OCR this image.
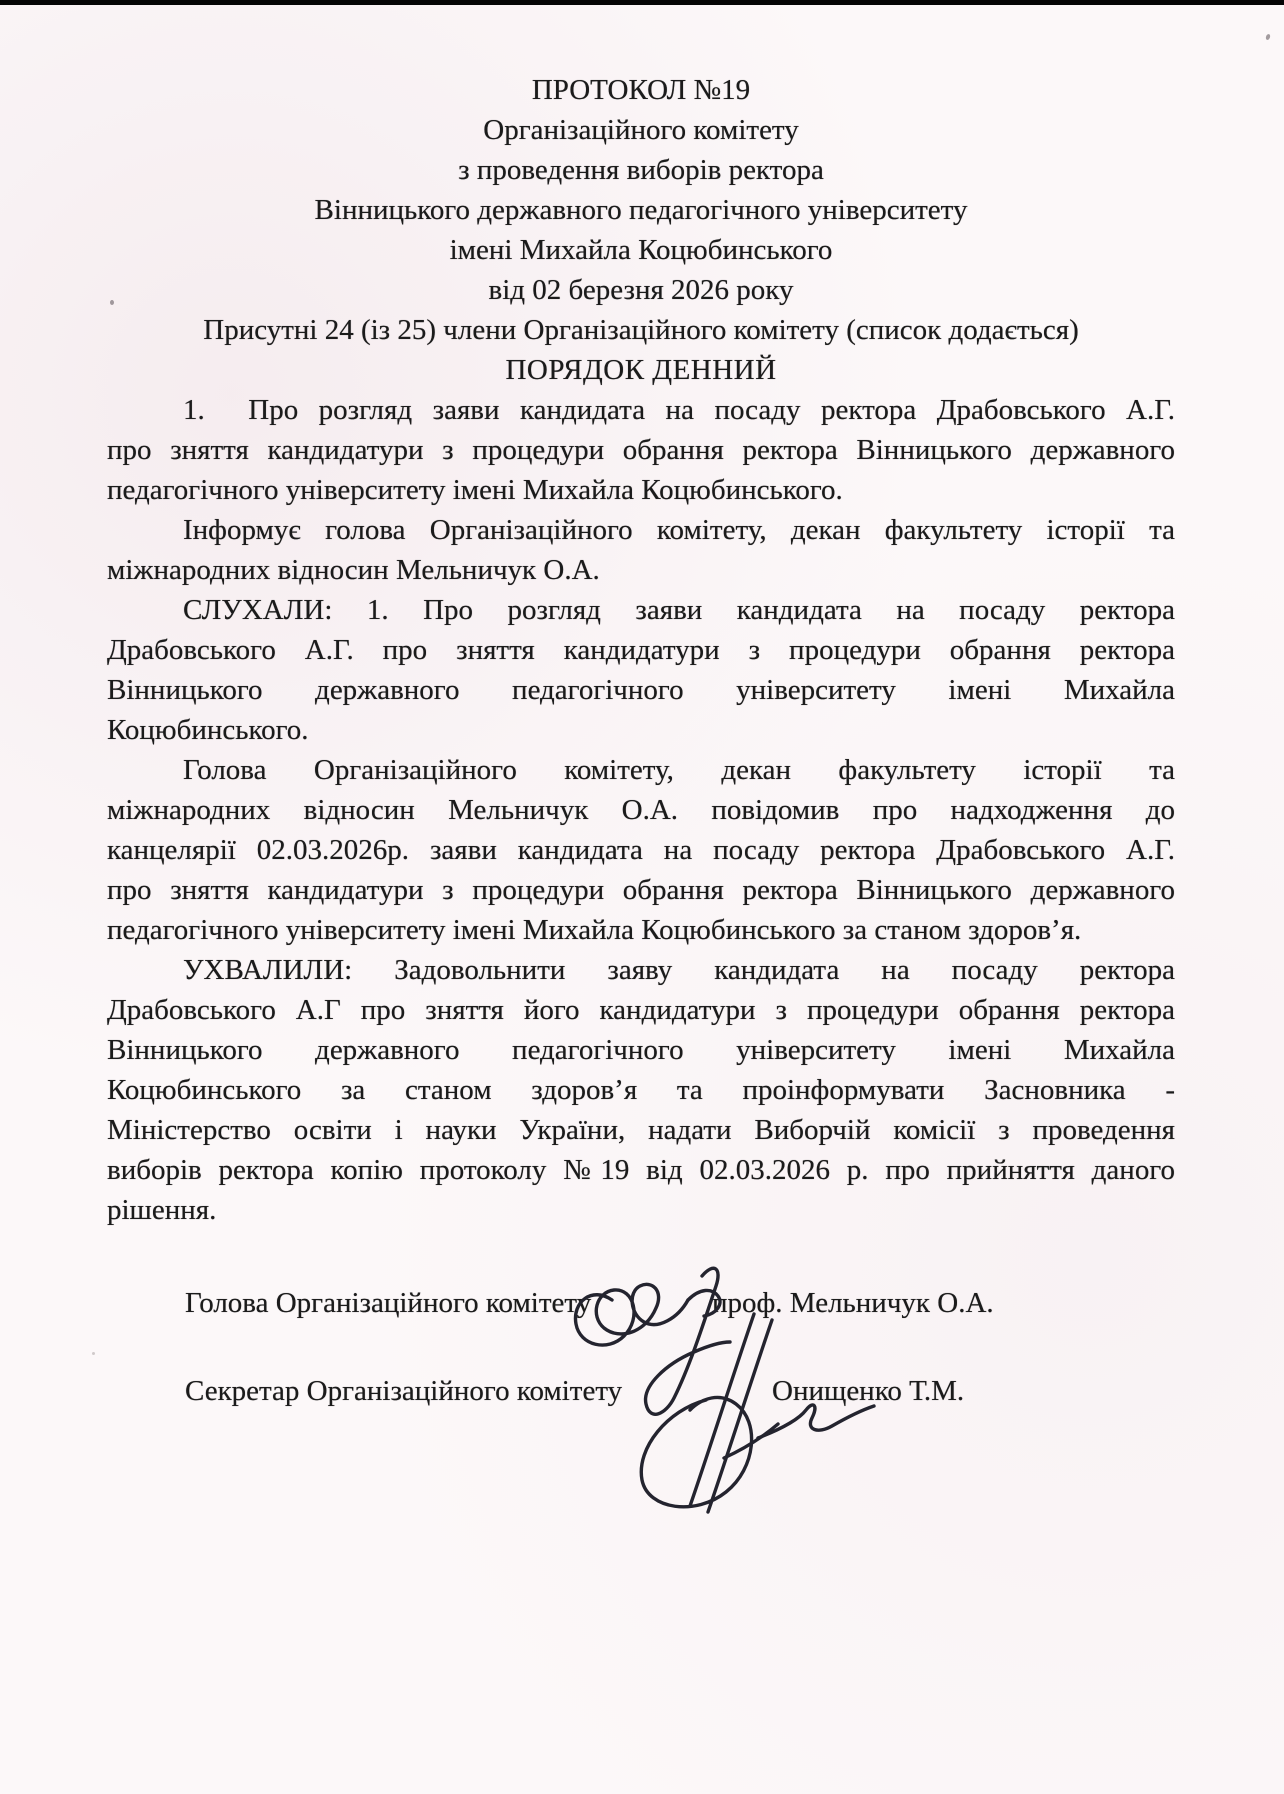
ПРОТОКОЛ №19
Організаційного комітету
з проведення виборів ректора
Вінницького державного педагогічного університету
імені Михайла Коцюбинського
від 02 березня 2026 року
Присутні 24 (із 25) члени Організаційного комітету (список додається)
ПОРЯДОК ДЕННИЙ
1.  Про розгляд заяви кандидата на посаду ректора Драбовського А.Г.
про зняття кандидатури з процедури обрання ректора Вінницького державного
педагогічного університету імені Михайла Коцюбинського.
Інформує голова Організаційного комітету, декан факультету історії та
міжнародних відносин Мельничук О.А.
СЛУХАЛИ: 1. Про розгляд заяви кандидата на посаду ректора
Драбовського А.Г. про зняття кандидатури з процедури обрання ректора
Вінницького державного педагогічного університету імені Михайла
Коцюбинського.
Голова Організаційного комітету, декан факультету історії та
міжнародних відносин Мельничук О.А. повідомив про надходження до
канцелярії 02.03.2026р. заяви кандидата на посаду ректора Драбовського А.Г.
про зняття кандидатури з процедури обрання ректора Вінницького державного
педагогічного університету імені Михайла Коцюбинського за станом здоров’я.
УХВАЛИЛИ: Задовольнити заяву кандидата на посаду ректора
Драбовського А.Г про зняття його кандидатури з процедури обрання ректора
Вінницького державного педагогічного університету імені Михайла
Коцюбинського за станом здоров’я та проінформувати Засновника -
Міністерство освіти і науки України, надати Виборчій комісії з проведення
виборів ректора копію протоколу №19 від 02.03.2026 р. про прийняття даного
рішення.
Голова Організаційного комітету	проф. Мельничук О.А.
Секретар Організаційного комітету	Онищенко Т.М.
